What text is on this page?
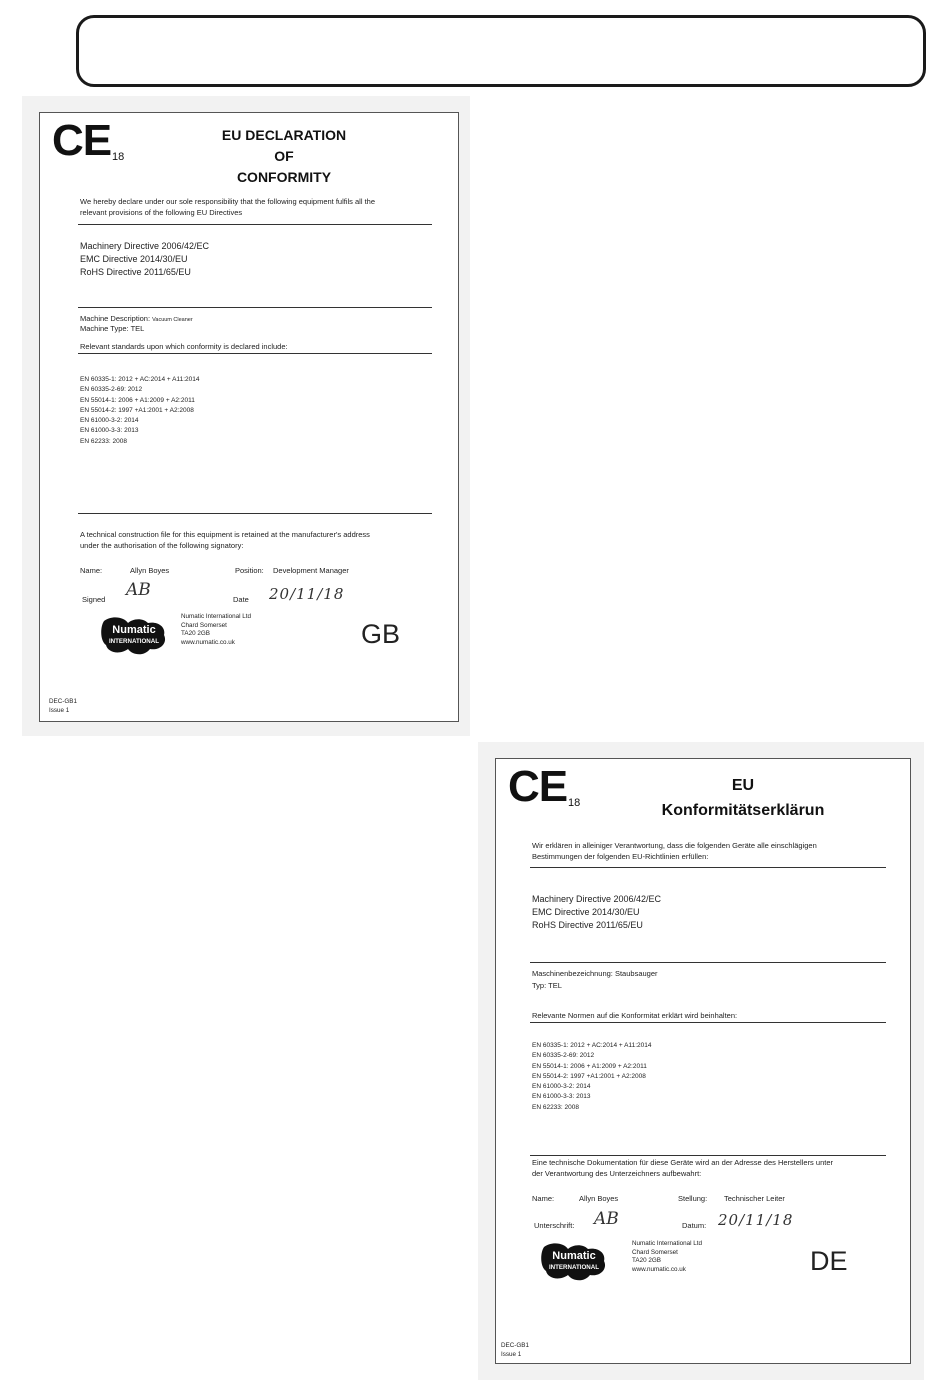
CE 18
EU DECLARATION
OF
CONFORMITY
We hereby declare under our sole responsibility that the following equipment fulfils all the
relevant provisions of the following EU Directives
Machinery Directive 2006/42/EC
EMC Directive 2014/30/EU
RoHS Directive 2011/65/EU
Machine Description: Vacuum Cleaner
Machine Type: TEL
Relevant standards upon which conformity is declared include:
EN 60335-1: 2012 + AC:2014 + A11:2014
EN 60335-2-69: 2012
EN 55014-1: 2006 + A1:2009 + A2:2011
EN 55014-2: 1997 +A1:2001 + A2:2008
EN 61000-3-2: 2014
EN 61000-3-3: 2013
EN 62233: 2008
A technical construction file for this equipment is retained at the manufacturer's address
under the authorisation of the following signatory:
Name:	Allyn Boyes	Position: Development Manager
Signed AB	Date 20/11/18
Numatic
INTERNATIONAL
Numatic International Ltd
Chard Somerset
TA20 2GB
www.numatic.co.uk	GB
DEC-GB1
Issue 1
CE 18
EU
Konformitätserklärun
Wir erklären in alleiniger Verantwortung, dass die folgenden Geräte alle einschlägigen
Bestimmungen der folgenden EU-Richtlinien erfüllen:
Machinery Directive 2006/42/EC
EMC Directive 2014/30/EU
RoHS Directive 2011/65/EU
Maschinenbezeichnung: Staubsauger
Typ: TEL
Relevante Normen auf die Konformitat erklärt wird beinhalten:
EN 60335-1: 2012 + AC:2014 + A11:2014
EN 60335-2-69: 2012
EN 55014-1: 2006 + A1:2009 + A2:2011
EN 55014-2: 1997 +A1:2001 + A2:2008
EN 61000-3-2: 2014
EN 61000-3-3: 2013
EN 62233: 2008
Eine technische Dokumentation für diese Geräte wird an der Adresse des Herstellers unter
der Verantwortung des Unterzeichners aufbewahrt:
Name:	Allyn Boyes	Stellung: Technischer Leiter
Unterschrift: AB	Datum: 20/11/18
Numatic
INTERNATIONAL
Numatic International Ltd
Chard Somerset
TA20 2GB
www.numatic.co.uk	DE
DEC-GB1
Issue 1
